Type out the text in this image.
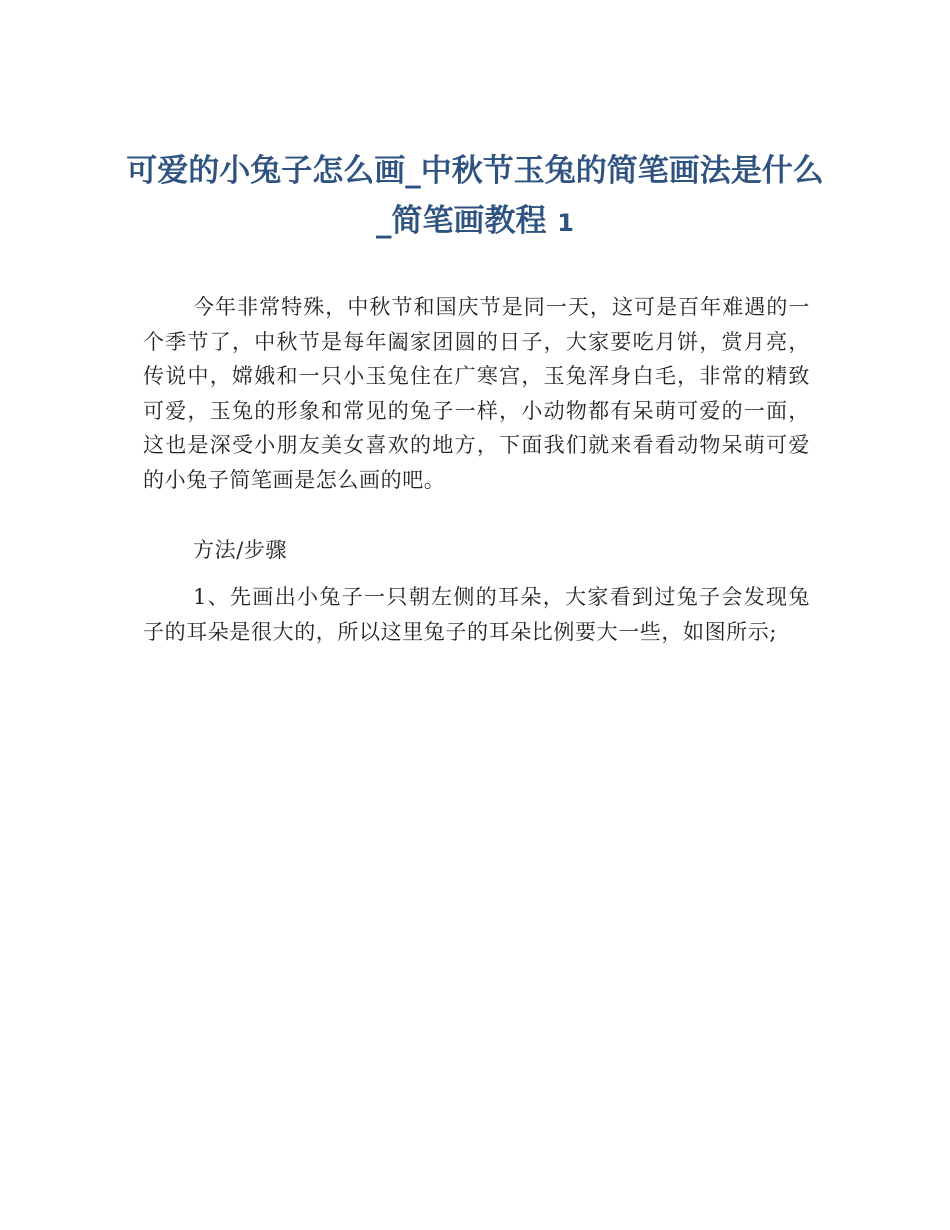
可爱的小兔子怎么画_中秋节玉兔的简笔画法是什么_简笔画教程 1

今年非常特殊，中秋节和国庆节是同一天，这可是百年难遇的一个季节了，中秋节是每年阖家团圆的日子，大家要吃月饼，赏月亮，传说中，嫦娥和一只小玉兔住在广寒宫，玉兔浑身白毛，非常的精致可爱，玉兔的形象和常见的兔子一样，小动物都有呆萌可爱的一面，这也是深受小朋友美女喜欢的地方，下面我们就来看看动物呆萌可爱的小兔子简笔画是怎么画的吧。

方法/步骤

1、先画出小兔子一只朝左侧的耳朵，大家看到过兔子会发现兔子的耳朵是很大的，所以这里兔子的耳朵比例要大一些，如图所示;
